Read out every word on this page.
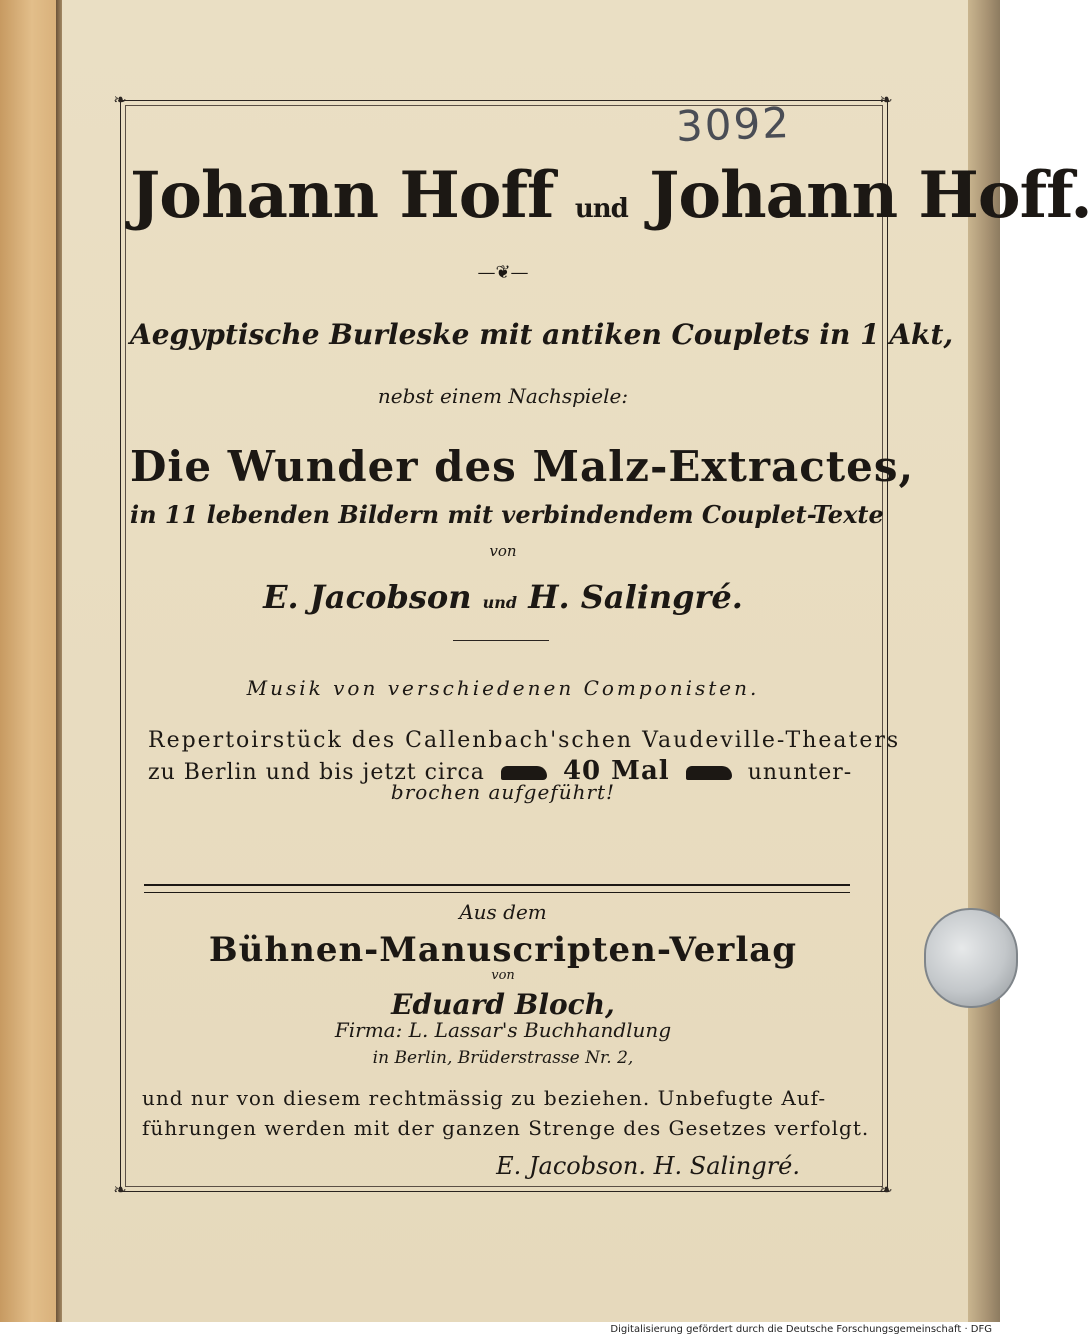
❧	❧
❧	❧
3092
Johann Hoff und Johann Hoff.
—❦—
Aegyptische Burleske mit antiken Couplets in 1 Akt,
nebst einem Nachspiele:
Die Wunder des Malz-Extractes,
in 11 lebenden Bildern mit verbindendem Couplet-Texte
von
E. Jacobson und H. Salingré.
Musik von verschiedenen Componisten.
Repertoirstück des Callenbach'schen Vaudeville-Theaters
zu Berlin und bis jetzt circa	40 Mal	ununter-
brochen aufgeführt!
Aus dem
Bühnen-Manuscripten-Verlag
von
Eduard Bloch,
Firma: L. Lassar's Buchhandlung
in Berlin, Brüderstrasse Nr. 2,
und nur von diesem rechtmässig zu beziehen. Unbefugte Auf-
führungen werden mit der ganzen Strenge des Gesetzes verfolgt.
E. Jacobson. H. Salingré.
Digitalisierung gefördert durch die Deutsche Forschungsgemeinschaft · DFG
